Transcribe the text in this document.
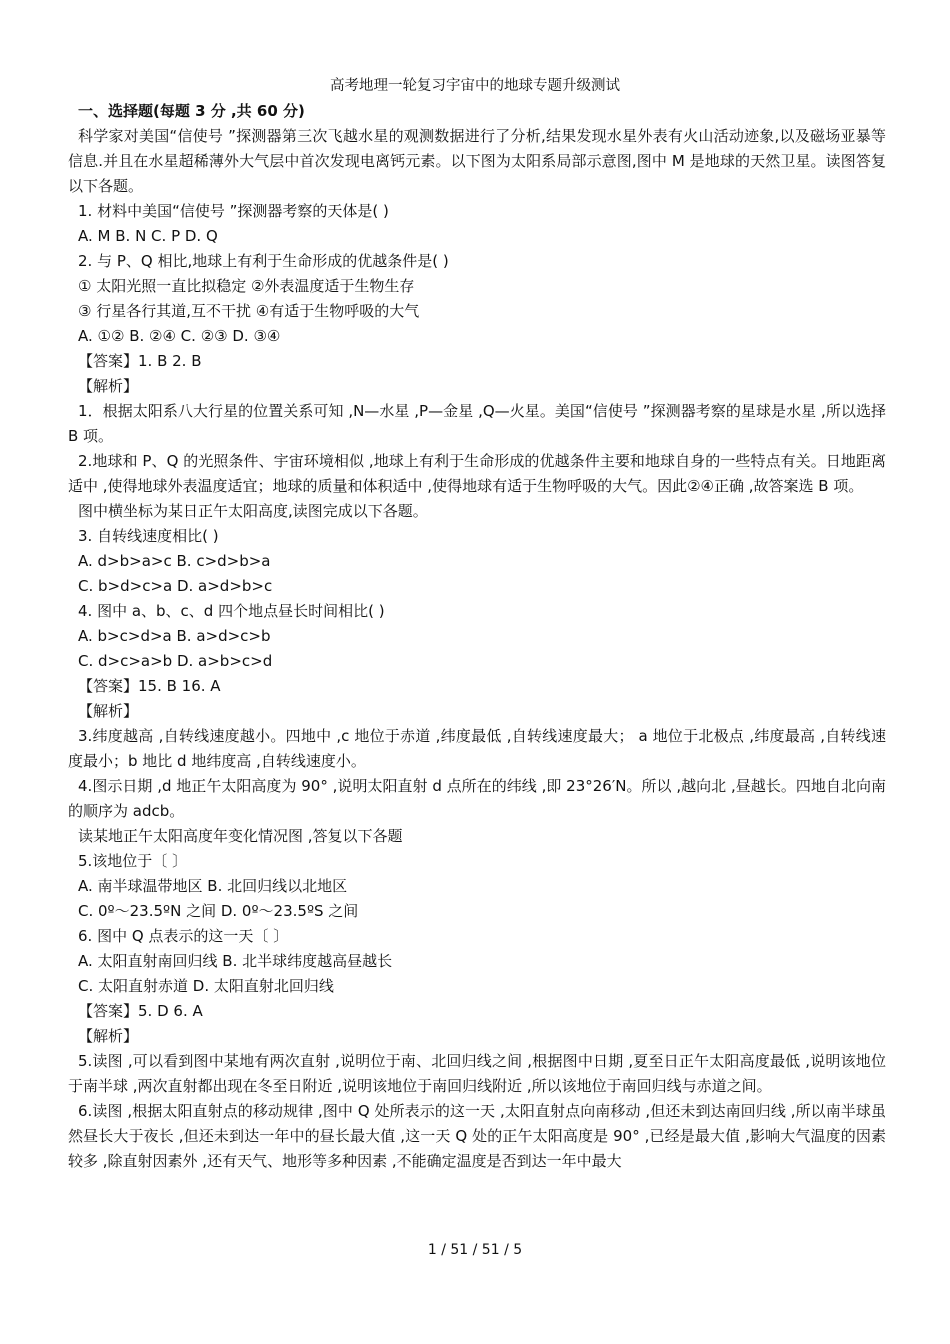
高考地理一轮复习宇宙中的地球专题升级测试

一、选择题(每题 3 分 ,共 60 分)

科学家对美国“信使号 ”探测器第三次飞越水星的观测数据进行了分析,结果发现水星外表有火山活动迹象,以及磁场亚暴等信息.并且在水星超稀薄外大气层中首次发现电离钙元素。以下图为太阳系局部示意图,图中 M 是地球的天然卫星。读图答复以下各题。

1. 材料中美国“信使号 ”探测器考察的天体是( )

A. M B. N C. P D. Q

2. 与 P、Q 相比,地球上有利于生命形成的优越条件是( )

① 太阳光照一直比拟稳定 ②外表温度适于生物生存

③ 行星各行其道,互不干扰 ④有适于生物呼吸的大气

A. ①② B. ②④ C. ②③ D. ③④

【答案】1. B 2. B

【解析】

1．根据太阳系八大行星的位置关系可知 ,N—水星 ,P—金星 ,Q—火星。美国“信使号 ”探测器考察的星球是水星 ,所以选择 B 项。

2.地球和 P、Q 的光照条件、宇宙环境相似 ,地球上有利于生命形成的优越条件主要和地球自身的一些特点有关。日地距离适中 ,使得地球外表温度适宜；地球的质量和体积适中 ,使得地球有适于生物呼吸的大气。因此②④正确 ,故答案选 B 项。

图中横坐标为某日正午太阳高度,读图完成以下各题。

3. 自转线速度相比( )

A. d>b>a>c B. c>d>b>a

C. b>d>c>a D. a>d>b>c

4. 图中 a、b、c、d 四个地点昼长时间相比( )

A. b>c>d>a B. a>d>c>b

C. d>c>a>b D. a>b>c>d

【答案】15. B 16. A

【解析】

3.纬度越高 ,自转线速度越小。四地中 ,c 地位于赤道 ,纬度最低 ,自转线速度最大； a 地位于北极点 ,纬度最高 ,自转线速度最小；b 地比 d 地纬度高 ,自转线速度小。

4.图示日期 ,d 地正午太阳高度为 90° ,说明太阳直射 d 点所在的纬线 ,即 23°26′N。所以 ,越向北 ,昼越长。四地自北向南的顺序为 adcb。

读某地正午太阳高度年变化情况图 ,答复以下各题

5.该地位于〔 〕

A. 南半球温带地区 B. 北回归线以北地区

C. 0º～23.5ºN 之间 D. 0º～23.5ºS 之间

6. 图中 Q 点表示的这一天〔 〕

A. 太阳直射南回归线 B. 北半球纬度越高昼越长

C. 太阳直射赤道 D. 太阳直射北回归线

【答案】5. D 6. A

【解析】

5.读图 ,可以看到图中某地有两次直射 ,说明位于南、北回归线之间 ,根据图中日期 ,夏至日正午太阳高度最低 ,说明该地位于南半球 ,两次直射都出现在冬至日附近 ,说明该地位于南回归线附近 ,所以该地位于南回归线与赤道之间。

6.读图 ,根据太阳直射点的移动规律 ,图中 Q 处所表示的这一天 ,太阳直射点向南移动 ,但还未到达南回归线 ,所以南半球虽然昼长大于夜长 ,但还未到达一年中的昼长最大值 ,这一天 Q 处的正午太阳高度是 90° ,已经是最大值 ,影响大气温度的因素较多 ,除直射因素外 ,还有天气、地形等多种因素 ,不能确定温度是否到达一年中最大

1 / 51 / 51 / 5
